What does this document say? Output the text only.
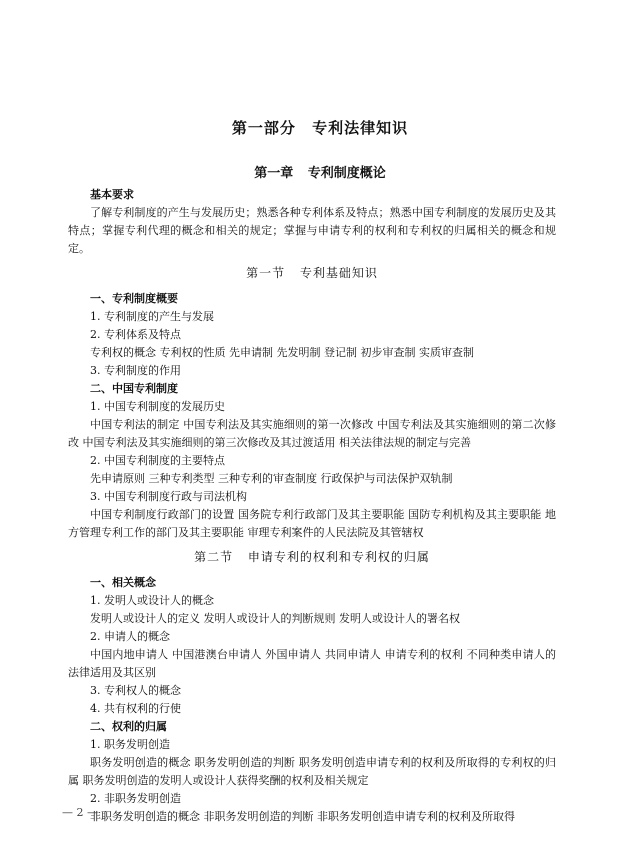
第一部分 专利法律知识
第一章 专利制度概论
基本要求
了解专利制度的产生与发展历史；熟悉各种专利体系及特点；熟悉中国专利制度的发展历史及其特点；掌握专利代理的概念和相关的规定；掌握与申请专利的权利和专利权的归属相关的概念和规定。
第一节 专利基础知识
一、专利制度概要
1. 专利制度的产生与发展
2. 专利体系及特点
专利权的概念 专利权的性质 先申请制 先发明制 登记制 初步审查制 实质审查制
3. 专利制度的作用
二、中国专利制度
1. 中国专利制度的发展历史
中国专利法的制定 中国专利法及其实施细则的第一次修改 中国专利法及其实施细则的第二次修改 中国专利法及其实施细则的第三次修改及其过渡适用 相关法律法规的制定与完善
2. 中国专利制度的主要特点
先申请原则 三种专利类型 三种专利的审查制度 行政保护与司法保护双轨制
3. 中国专利制度行政与司法机构
中国专利制度行政部门的设置 国务院专利行政部门及其主要职能 国防专利机构及其主要职能 地方管理专利工作的部门及其主要职能 审理专利案件的人民法院及其管辖权
第二节 申请专利的权利和专利权的归属
一、相关概念
1. 发明人或设计人的概念
发明人或设计人的定义 发明人或设计人的判断规则 发明人或设计人的署名权
2. 申请人的概念
中国内地申请人 中国港澳台申请人 外国申请人 共同申请人 申请专利的权利 不同种类申请人的法律适用及其区别
3. 专利权人的概念
4. 共有权利的行使
二、权利的归属
1. 职务发明创造
职务发明创造的概念 职务发明创造的判断 职务发明创造申请专利的权利及所取得的专利权的归属 职务发明创造的发明人或设计人获得奖酬的权利及相关规定
2. 非职务发明创造
非职务发明创造的概念 非职务发明创造的判断 非职务发明创造申请专利的权利及所取得
— 2 —
